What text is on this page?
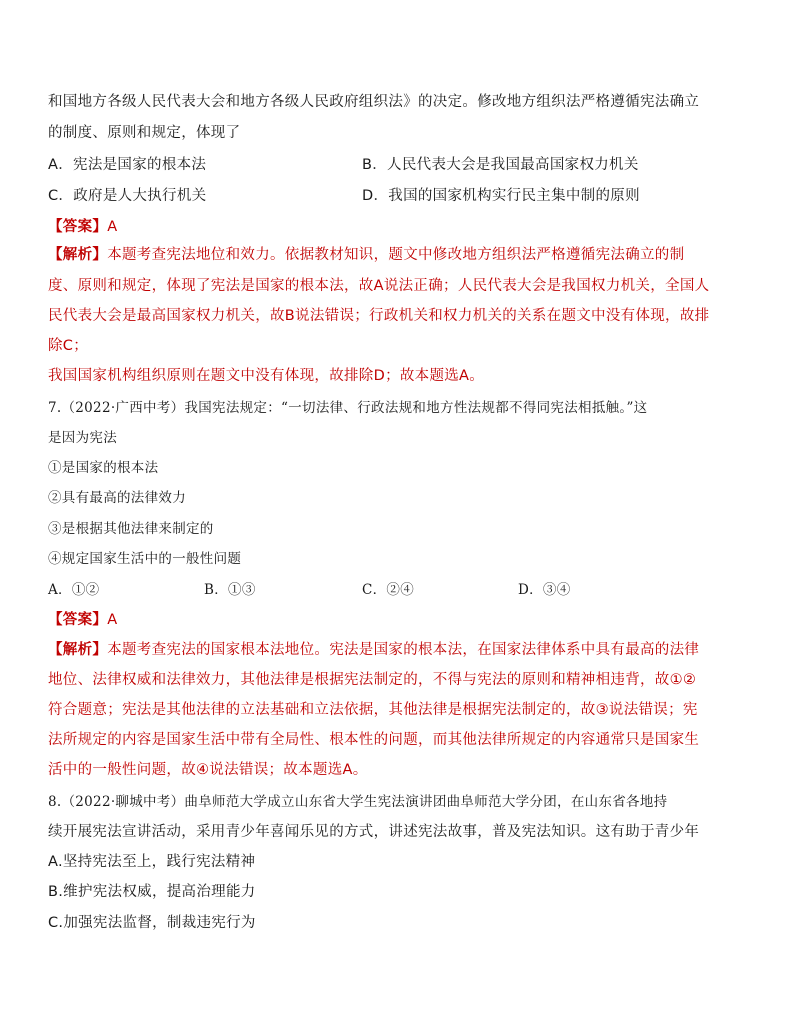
和国地方各级人民代表大会和地方各级人民政府组织法》的决定。修改地方组织法严格遵循宪法确立
的制度、原则和规定，体现了
A．宪法是国家的根本法	B．人民代表大会是我国最高国家权力机关
C．政府是人大执行机关	D．我国的国家机构实行民主集中制的原则
【答案】A
【解析】本题考查宪法地位和效力。依据教材知识，题文中修改地方组织法严格遵循宪法确立的制
度、原则和规定，体现了宪法是国家的根本法，故A说法正确；人民代表大会是我国权力机关，全国人
民代表大会是最高国家权力机关，故B说法错误；行政机关和权力机关的关系在题文中没有体现，故排
除C；
我国国家机构组织原则在题文中没有体现，故排除D；故本题选A。
7.（2022·广西中考）我国宪法规定：“一切法律、行政法规和地方性法规都不得同宪法相抵触。”这
是因为宪法
①是国家的根本法
②具有最高的法律效力
③是根据其他法律来制定的
④规定国家生活中的一般性问题
A．①②	B．①③	C．②④	D．③④
【答案】A
【解析】本题考查宪法的国家根本法地位。宪法是国家的根本法，在国家法律体系中具有最高的法律
地位、法律权威和法律效力，其他法律是根据宪法制定的，不得与宪法的原则和精神相违背，故①②
符合题意；宪法是其他法律的立法基础和立法依据，其他法律是根据宪法制定的，故③说法错误；宪
法所规定的内容是国家生活中带有全局性、根本性的问题，而其他法律所规定的内容通常只是国家生
活中的一般性问题，故④说法错误；故本题选A。
8.（2022·聊城中考）曲阜师范大学成立山东省大学生宪法演讲团曲阜师范大学分团，在山东省各地持
续开展宪法宣讲活动，采用青少年喜闻乐见的方式，讲述宪法故事，普及宪法知识。这有助于青少年
A.坚持宪法至上，践行宪法精神
B.维护宪法权威，提高治理能力
C.加强宪法监督，制裁违宪行为
